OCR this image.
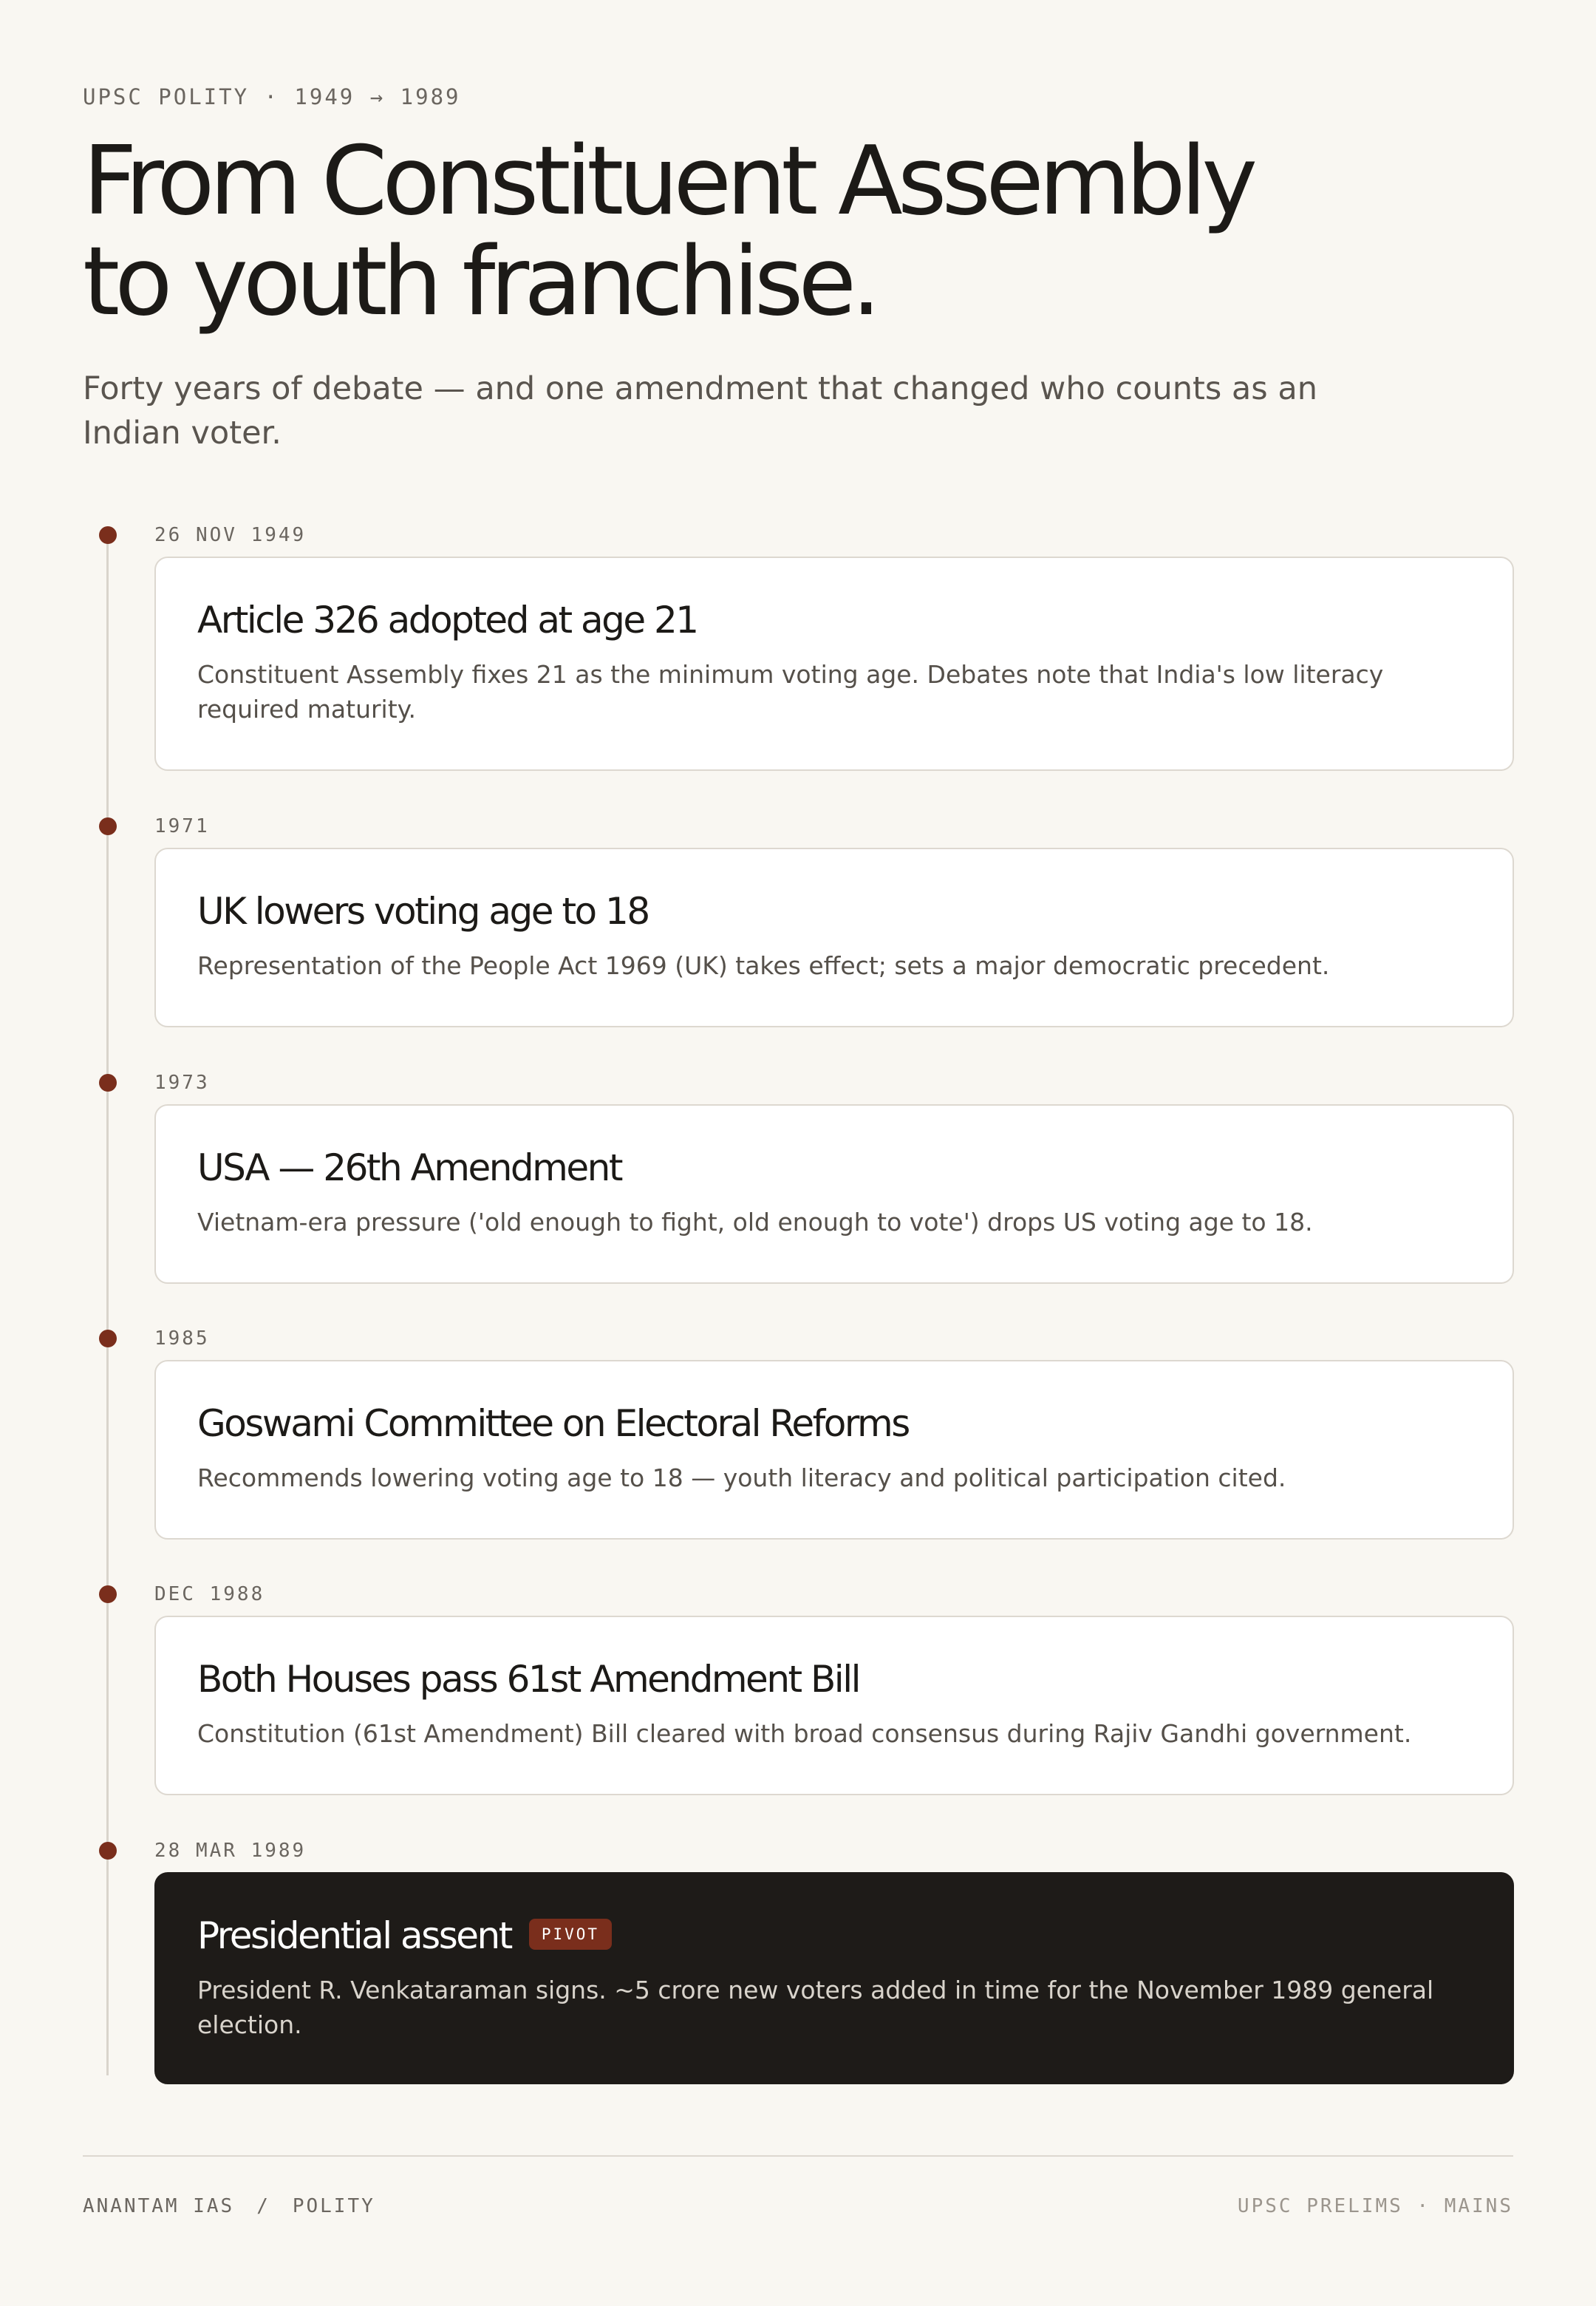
UPSC POLITY · 1949 → 1989
From Constituent Assembly
to youth franchise.

Forty years of debate — and one amendment that changed who counts as an Indian voter.

26 NOV 1949
Article 326 adopted at age 21

Constituent Assembly fixes 21 as the minimum voting age. Debates note that India's low literacy required maturity.

1971
UK lowers voting age to 18

Representation of the People Act 1969 (UK) takes effect; sets a major democratic precedent.

1973
USA — 26th Amendment

Vietnam-era pressure ('old enough to fight, old enough to vote') drops US voting age to 18.

1985
Goswami Committee on Electoral Reforms

Recommends lowering voting age to 18 — youth literacy and political participation cited.

DEC 1988
Both Houses pass 61st Amendment Bill

Constitution (61st Amendment) Bill cleared with broad consensus during Rajiv Gandhi government.

28 MAR 1989
Presidential assent PIVOT

President R. Venkataraman signs. ~5 crore new voters added in time for the November 1989 general election.

ANANTAM IAS / POLITY	UPSC PRELIMS · MAINS
